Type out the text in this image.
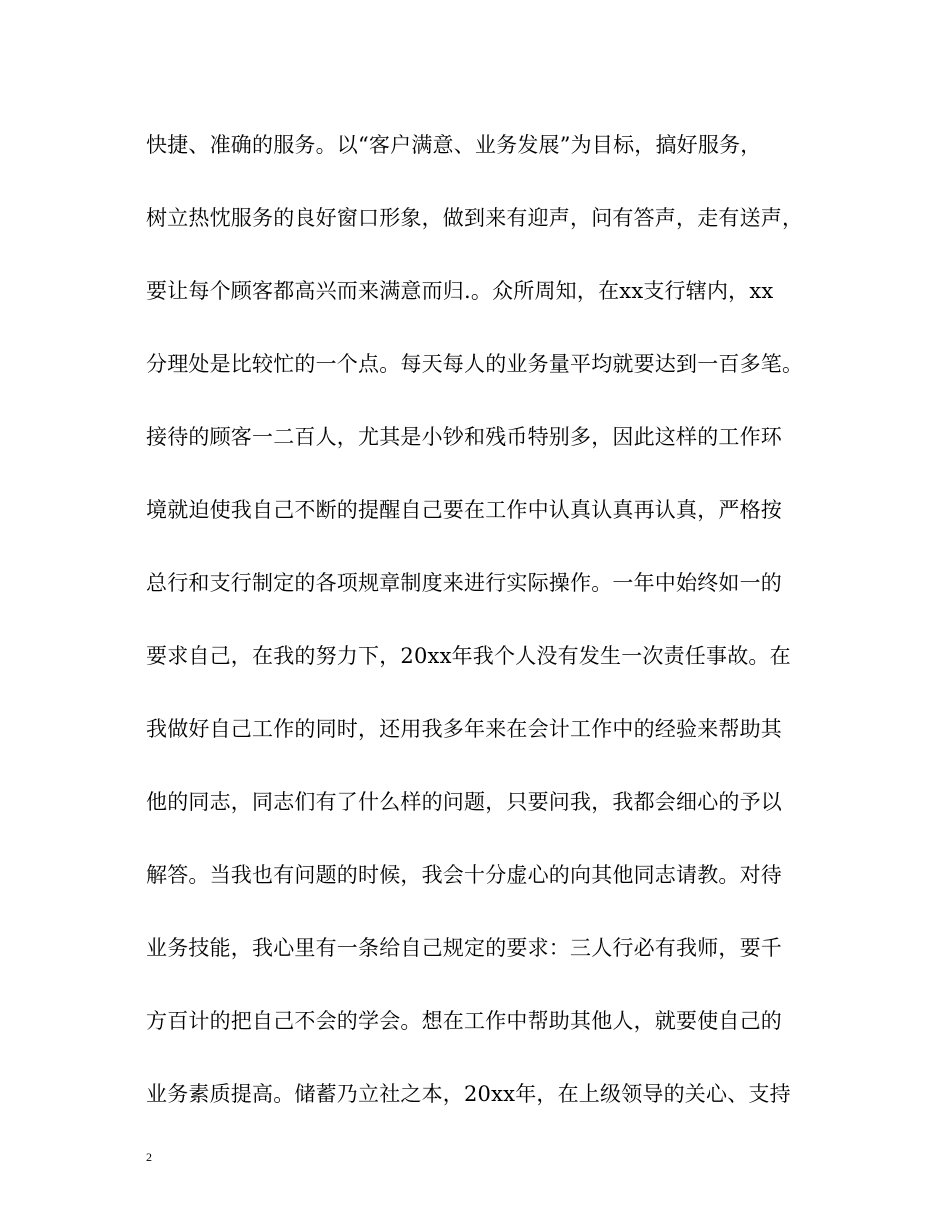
快捷、准确的服务。以“客户满意、业务发展”为目标，搞好服务，
树立热忱服务的良好窗口形象，做到来有迎声，问有答声，走有送声，
要让每个顾客都高兴而来满意而归.。众所周知，在xx支行辖内，xx
分理处是比较忙的一个点。每天每人的业务量平均就要达到一百多笔。
接待的顾客一二百人，尤其是小钞和残币特别多，因此这样的工作环
境就迫使我自己不断的提醒自己要在工作中认真认真再认真，严格按
总行和支行制定的各项规章制度来进行实际操作。一年中始终如一的
要求自己，在我的努力下，20xx年我个人没有发生一次责任事故。在
我做好自己工作的同时，还用我多年来在会计工作中的经验来帮助其
他的同志，同志们有了什么样的问题，只要问我，我都会细心的予以
解答。当我也有问题的时候，我会十分虚心的向其他同志请教。对待
业务技能，我心里有一条给自己规定的要求：三人行必有我师，要千
方百计的把自己不会的学会。想在工作中帮助其他人，就要使自己的
业务素质提高。储蓄乃立社之本，20xx年，在上级领导的关心、支持
2
